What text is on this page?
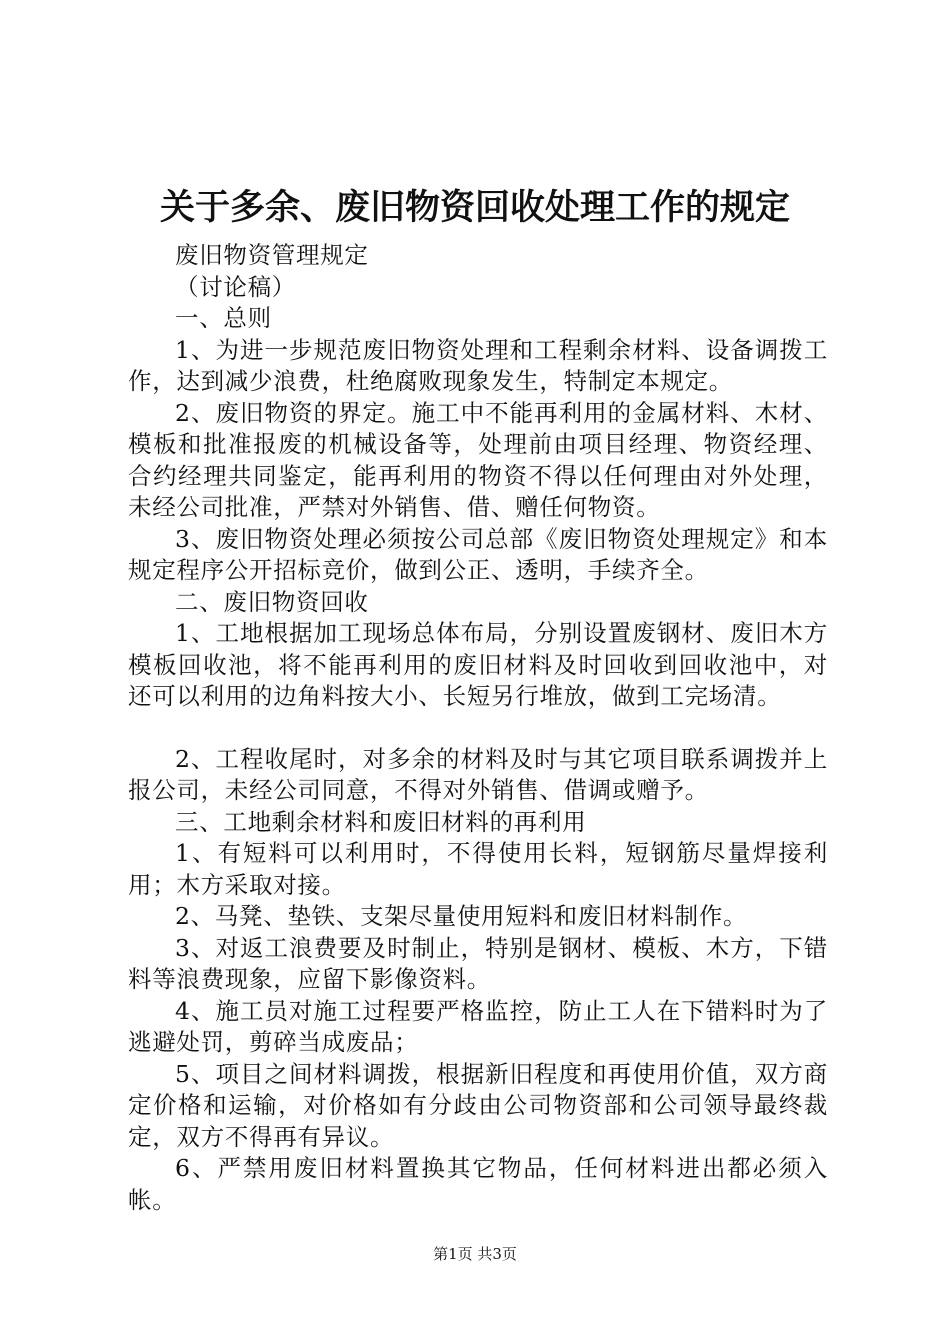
关于多余、废旧物资回收处理工作的规定

废旧物资管理规定

（讨论稿）

一、总则

1、为进一步规范废旧物资处理和工程剩余材料、设备调拨工作，达到减少浪费，杜绝腐败现象发生，特制定本规定。

2、废旧物资的界定。施工中不能再利用的金属材料、木材、模板和批准报废的机械设备等，处理前由项目经理、物资经理、合约经理共同鉴定，能再利用的物资不得以任何理由对外处理，未经公司批准，严禁对外销售、借、赠任何物资。

3、废旧物资处理必须按公司总部《废旧物资处理规定》和本规定程序公开招标竞价，做到公正、透明，手续齐全。

二、废旧物资回收

1、工地根据加工现场总体布局，分别设置废钢材、废旧木方模板回收池，将不能再利用的废旧材料及时回收到回收池中，对还可以利用的边角料按大小、长短另行堆放，做到工完场清。

2、工程收尾时，对多余的材料及时与其它项目联系调拨并上报公司，未经公司同意，不得对外销售、借调或赠予。

三、工地剩余材料和废旧材料的再利用

1、有短料可以利用时，不得使用长料，短钢筋尽量焊接利用；木方采取对接。

2、马凳、垫铁、支架尽量使用短料和废旧材料制作。

3、对返工浪费要及时制止，特别是钢材、模板、木方，下错料等浪费现象，应留下影像资料。

4、施工员对施工过程要严格监控，防止工人在下错料时为了逃避处罚，剪碎当成废品；

5、项目之间材料调拨，根据新旧程度和再使用价值，双方商定价格和运输，对价格如有分歧由公司物资部和公司领导最终裁定，双方不得再有异议。

6、严禁用废旧材料置换其它物品，任何材料进出都必须入帐。

第1页 共3页
